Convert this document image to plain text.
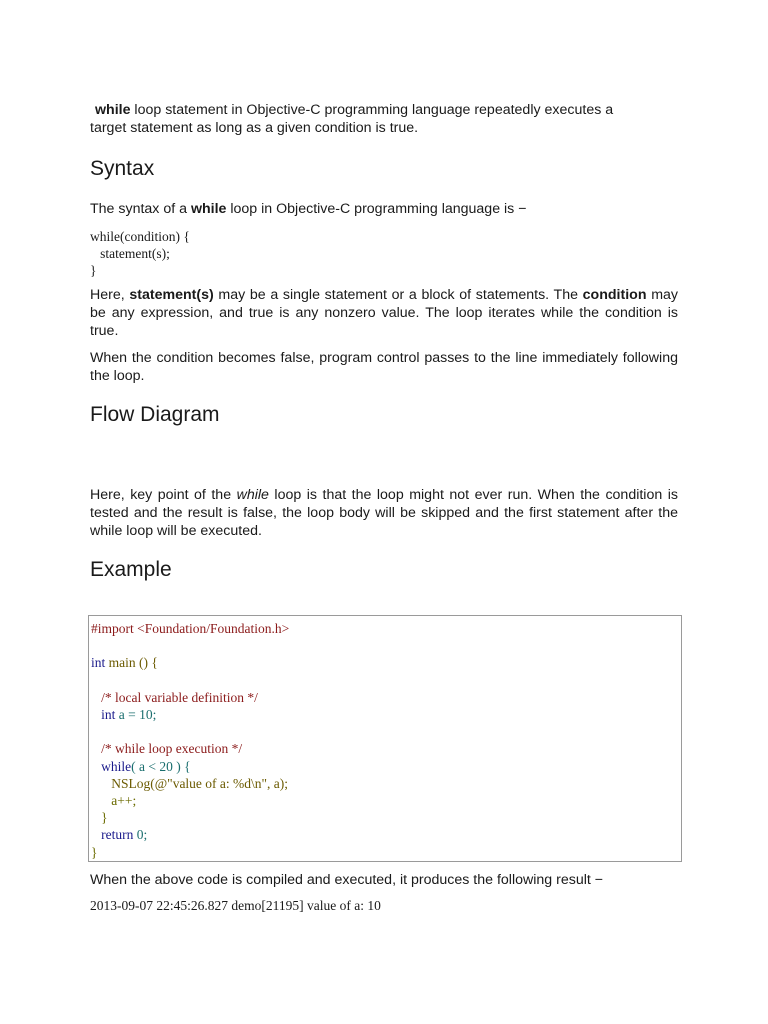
while loop statement in Objective-C programming language repeatedly executes a
target statement as long as a given condition is true.

Syntax

The syntax of a while loop in Objective-C programming language is −

while(condition) {
statement(s);
}

Here, statement(s) may be a single statement or a block of statements. The condition may be any expression, and true is any nonzero value. The loop iterates while the condition is true.

When the condition becomes false, program control passes to the line immediately following the loop.

Flow Diagram

Here, key point of the while loop is that the loop might not ever run. When the condition is tested and the result is false, the loop body will be skipped and the first statement after the while loop will be executed.

Example
#import <Foundation/Foundation.h>
int main () {
/* local variable definition */
int a = 10;
/* while loop execution */
while( a < 20 ) {
NSLog(@"value of a: %d\n", a);
a++;
}
return 0;
}

When the above code is compiled and executed, it produces the following result −

2013-09-07 22:45:26.827 demo[21195] value of a: 10
